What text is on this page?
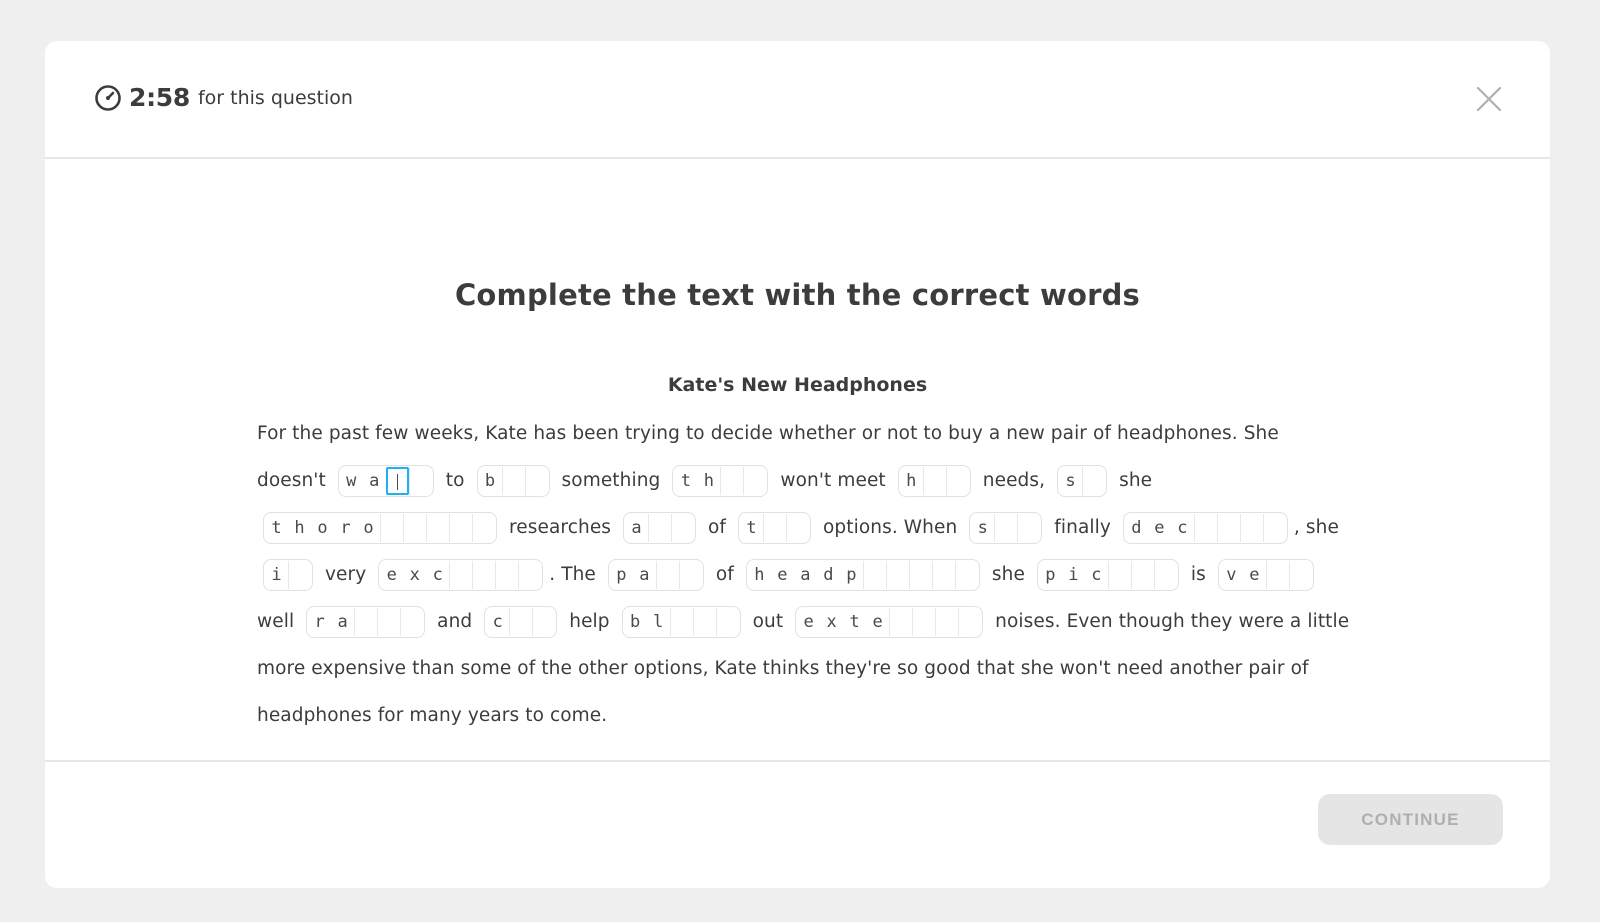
2:58 for this question
Complete the text with the correct words
Kate's New Headphones
For the past few weeks, Kate has been trying to decide whether or not to buy a new pair of headphones. She doesn't w a	to b	something t h	won't meet h	needs, s	she
t h o r o	researches a	of t	options. When s	finally d e c	, she
i	very e x c	. The p a	of h e a d p	she p i c	is v e	well r a	and c	help b l	out e x t e	noises. Even though they were a little more expensive than some of the other options, Kate thinks they're so good that she won't need another pair of headphones for many years to come.
CONTINUE
